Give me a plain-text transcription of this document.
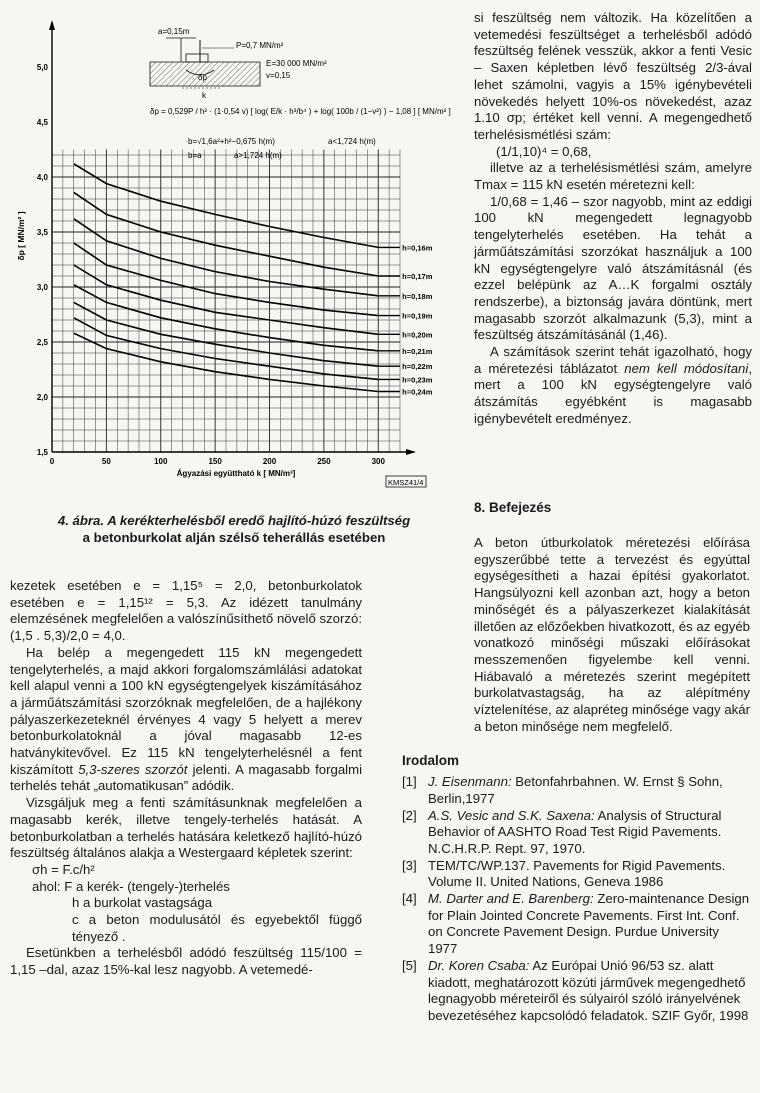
0	50	100	150	200	250	300
1,5
2,0
2,5
3,0
3,5
4,0
4,5
5,0
h=0,16m
h=0,17m
h=0,18m
h=0,19m
h=0,20m
h=0,21m
h=0,22m
h=0,23m
h=0,24m
a=0,15m
P=0,7 MN/m²
δp
E=30 000 MN/m²
v=0,15
k
δp = 0,529P / h² · (1·0,54 v) [ log( E/k · h³/b⁴ ) + log( 100b / (1−v²) ) − 1,08 ] [ MN/m² ]
b=√1,6a²+h²−0,675 h(m)	a<1,724 h(m)
b=a	a>1,724 h(m)
KMSZ41/4
Ágyazási együttható k [ MN/m³]
δp [ MN/m² ]
4. ábra. A kerékterhelésből eredő hajlító-húzó feszültség
a betonburkolat alján szélső teherállás esetében

si feszültség nem változik. Ha közelítően a vetemedési feszültséget a terhelésből adódó feszültség felének vesszük, akkor a fenti Vesic – Saxen képletben lévő feszültség 2/3-ával lehet számolni, vagyis a 15% igénybevételi növekedés helyett 10%-os növekedést, azaz 1.10 σp; értéket kell venni. A megengedhető terhelésismétlési szám:

(1/1,10)⁴ = 0,68,

illetve az a terhelésismétlési szám, amelyre Tmax = 115 kN esetén méretezni kell:

1/0,68 = 1,46 – szor nagyobb, mint az eddigi 100 kN megengedett legnagyobb tengelyterhelés esetében. Ha tehát a járműátszámítási szorzókat használjuk a 100 kN egységtengelyre való átszámításnál (és ezzel belépünk az A…K forgalmi osztály rendszerbe), a biztonság javára döntünk, mert magasabb szorzót alkalmazunk (5,3), mint a feszültség átszámításánál (1,46).

A számítások szerint tehát igazolható, hogy a méretezési táblázatot nem kell módosítani, mert a 100 kN egységtengelyre való átszámítás egyébként is magasabb igénybevételt eredményez.

8. Befejezés

A beton útburkolatok méretezési előírása egyszerűbbé tette a tervezést és egyúttal egységesítheti a hazai építési gyakorlatot. Hangsúlyozni kell azonban azt, hogy a beton minőségét és a pályaszerkezet kialakítását illetően az előzőekben hivatkozott, és az egyéb vonatkozó minőségi műszaki előírásokat messzemenően figyelembe kell venni. Hiábavaló a méretezés szerint megépített burkolatvastagság, ha az alépítmény víztelenítése, az alapréteg minősége vagy akár a beton minősége nem megfelelő.

Irodalom
[1] J. Eisenmann: Betonfahrbahnen. W. Ernst § Sohn, Berlin,1977
[2] A.S. Vesic and S.K. Saxena: Analysis of Structural Behavior of AASHTO Road Test Rigid Pavements. N.C.H.R.P. Rept. 97, 1970.
[3] TEM/TC/WP.137. Pavements for Rigid Pavements. Volume II. United Nations, Geneva 1986
[4] M. Darter and E. Barenberg: Zero-maintenance Design for Plain Jointed Concrete Pavements. First Int. Conf. on Concrete Pavement Design. Purdue University 1977
[5] Dr. Koren Csaba: Az Európai Unió 96/53 sz. alatt kiadott, meghatározott közúti járművek megengedhető legnagyobb méreteiről és súlyairól szóló irányelvének bevezetéséhez kapcsolódó feladatok. SZIF Győr, 1998

kezetek esetében e = 1,15⁵ = 2,0, betonburkolatok esetében e = 1,15¹² = 5,3. Az idézett tanulmány elemzésének megfelelően a valószínűsíthető növelő szorzó: (1,5 . 5,3)/2,0 = 4,0.

Ha belép a megengedett 115 kN megengedett tengelyterhelés, a majd akkori forgalomszámlálási adatokat kell alapul venni a 100 kN egységtengelyek kiszámításához a járműátszámítási szorzóknak megfelelően, de a hajlékony pályaszerkezeteknél érvényes 4 vagy 5 helyett a merev betonburkolatoknál a jóval magasabb 12-es hatványkitevővel. Ez 115 kN tengelyterhelésnél a fent kiszámított 5,3-szeres szorzót jelenti. A magasabb forgalmi terhelés tehát „automatikusan” adódik.

Vizsgáljuk meg a fenti számításunknak megfelelően a magasabb kerék, illetve tengely-terhelés hatását. A betonburkolatban a terhelés hatására keletkező hajlító-húzó feszültség általános alakja a Westergaard képletek szerint:

σh = F.c/h²

ahol: F a kerék- (tengely-)terhelés

h a burkolat vastagsága

c a beton modulusától és egyebektől függő tényező .

Esetünkben a terhelésből adódó feszültség 115/100 = 1,15 –dal, azaz 15%-kal lesz nagyobb. A vetemedé-
